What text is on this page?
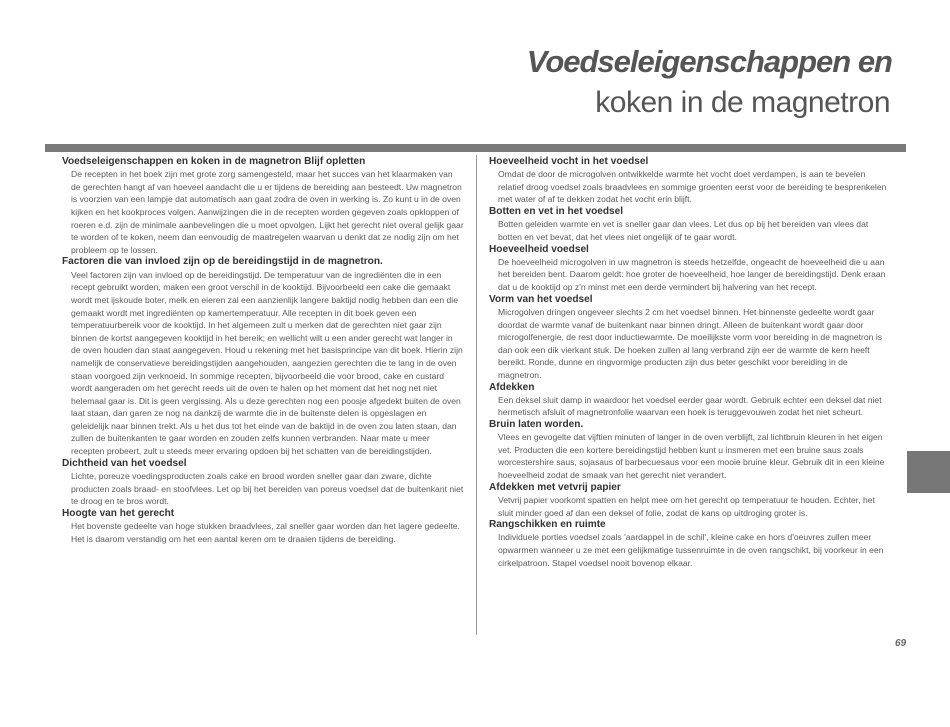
Voedseleigenschappen en
koken in de magnetron

Voedseleigenschappen en koken in de magnetron Blijf opletten

De recepten in het boek zijn met grote zorg samengesteld, maar het succes van het klaarmaken van de gerechten hangt af van hoeveel aandacht die u er tijdens de bereiding aan besteedt. Uw magnetron is voorzien van een lampje dat automatisch aan gaat zodra de oven in werking is. Zo kunt u in de oven kijken en het kookproces volgen. Aanwijzingen die in de recepten worden gegeven zoals opkloppen of roeren e.d. zijn de minimale aanbevelingen die u moet opvolgen. Lijkt het gerecht niet overal gelijk gaar te worden of te koken, neem dan eenvoudig de maatregelen waarvan u denkt dat ze nodig zijn om het probleem op te lossen.

Factoren die van invloed zijn op de bereidingstijd in de magnetron.

Veel factoren zijn van invloed op de bereidingstijd. De temperatuur van de ingrediënten die in een recept gebruikt worden, maken een groot verschil in de kooktijd. Bijvoorbeeld een cake die gemaakt wordt met ijskoude boter, melk en eieren zal een aanzienlijk langere baktijd nodig hebben dan een die gemaakt wordt met ingrediënten op kamertemperatuur. Alle recepten in dit boek geven een temperatuurbereik voor de kooktijd. In het algemeen zult u merken dat de gerechten niet gaar zijn binnen de kortst aangegeven kooktijd in het bereik; en wellicht wilt u een ander gerecht wat langer in de oven houden dan staat aangegeven. Houd u rekening met het basisprincipe van dit boek. Hierin zijn namelijk de conservatieve bereidingstijden aangehouden, aangezien gerechten die te lang in de oven staan voorgoed zijn verknoeid. In sommige recepten, bijvoorbeeld die voor brood, cake en custard wordt aangeraden om het gerecht reeds uit de oven te halen op het moment dat het nog net niet helemaal gaar is. Dit is geen vergissing. Als u deze gerechten nog een poosje afgedekt buiten de oven laat staan, dan garen ze nog na dankzij de warmte die in de buitenste delen is opgeslagen en geleidelijk naar binnen trekt. Als u het dus tot het einde van de baktijd in de oven zou laten staan, dan zullen de buitenkanten te gaar worden en zouden zelfs kunnen verbranden. Naar mate u meer recepten probeert, zult u steeds meer ervaring opdoen bij het schatten van de bereidingstijden.

Dichtheid van het voedsel

Lichte, poreuze voedingsproducten zoals cake en brood worden sneller gaar dan zware, dichte producten zoals braad- en stoofvlees. Let op bij het bereiden van poreus voedsel dat de buitenkant niet te droog en te bros wordt.

Hoogte van het gerecht

Het bovenste gedeelte van hoge stukken braadvlees, zal sneller gaar worden dan het lagere gedeelte. Het is daarom verstandig om het een aantal keren om te draaien tijdens de bereiding.

Hoeveelheid vocht in het voedsel

Omdat de door de microgolven ontwikkelde warmte het vocht doet verdampen, is aan te bevelen relatief droog voedsel zoals braadvlees en sommige groenten eerst voor de bereiding te besprenkelen met water of af te dekken zodat het vocht erin blijft.

Botten en vet in het voedsel

Botten geleiden warmte en vet is sneller gaar dan vlees. Let dus op bij het bereiden van vlees dat botten en vet bevat, dat het vlees niet ongelijk of te gaar wordt.

Hoeveelheid voedsel

De hoeveelheid microgolven in uw magnetron is steeds hetzelfde, ongeacht de hoeveelheid die u aan het bereiden bent. Daarom geldt: hoe groter de hoeveelheid, hoe langer de bereidingstijd. Denk eraan dat u de kooktijd op z'n minst met een derde vermindert bij halvering van het recept.

Vorm van het voedsel

Microgolven dringen ongeveer slechts 2 cm het voedsel binnen. Het binnenste gedeelte wordt gaar doordat de warmte vanaf de buitenkant naar binnen dringt. Alleen de buitenkant wordt gaar door microgolfenergie, de rest door inductiewarmte. De moeilijkste vorm voor bereiding in de magnetron is dan ook een dik vierkant stuk. De hoeken zullen al lang verbrand zijn eer de warmte de kern heeft bereikt. Ronde, dunne en ringvormige producten zijn dus beter geschikt voor bereiding in de magnetron.

Afdekken

Een deksel sluit damp in waardoor het voedsel eerder gaar wordt. Gebruik echter een deksel dat niet hermetisch afsluit of magnetronfolie waarvan een hoek is teruggevouwen zodat het niet scheurt.

Bruin laten worden.

Vlees en gevogelte dat vijftien minuten of langer in de oven verblijft, zal lichtbruin kleuren in het eigen vet. Producten die een kortere bereidingstijd hebben kunt u insmeren met een bruine saus zoals worcestershire saus, sojasaus of barbecuesaus voor een mooie bruine kleur. Gebruik dit in een kleine hoeveelheid zodat de smaak van het gerecht niet verandert.

Afdekken met vetvrij papier

Vetvrij papier voorkomt spatten en helpt mee om het gerecht op temperatuur te houden. Echter, het sluit minder goed af dan een deksel of folie, zodat de kans op uitdroging groter is.

Rangschikken en ruimte

Individuele porties voedsel zoals 'aardappel in de schil', kleine cake en hors d'oeuvres zullen meer opwarmen wanneer u ze met een gelijkmatige tussenruimte in de oven rangschikt, bij voorkeur in een cirkelpatroon. Stapel voedsel nooit bovenop elkaar.

69
